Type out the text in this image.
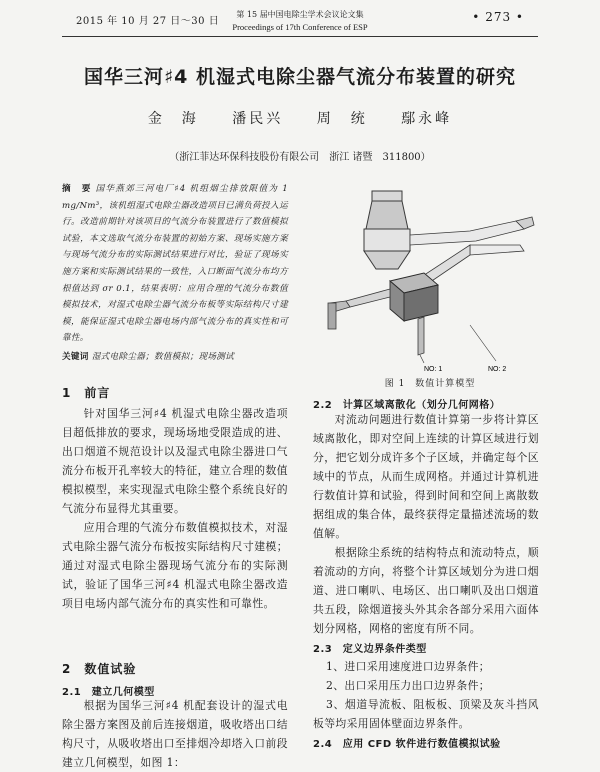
2015 年 10 月 27 日～30 日
第 15 届中国电除尘学术会议论文集
Proceedings of 17th Conference of ESP
• 273 •
国华三河♯4 机湿式电除尘器气流分布装置的研究
金　海 潘民兴 周　统 鄢永峰
（浙江菲达环保科技股份有限公司　浙江 诸暨　311800）
摘　要 国华燕郊三河电厂♯4 机组烟尘排放限值为 1 mg/Nm³，该机组湿式电除尘器改造项目已满负荷投入运行。改造前期针对该项目的气流分布装置进行了数值模拟试验，本文选取气流分布装置的初始方案、现场实施方案与现场气流分布的实际测试结果进行对比，验证了现场实施方案和实际测试结果的一致性，入口断面气流分布均方根值达到 σr 0.1，结果表明：应用合理的气流分布数值模拟技术，对湿式电除尘器气流分布板等实际结构尺寸建模，能保证湿式电除尘器电场内部气流分布的真实性和可靠性。
关键词 湿式电除尘器；数值模拟；现场测试
NO: 1	NO: 2
图 1　数值计算模型
1　前言

针对国华三河♯4 机湿式电除尘器改造项目超低排放的要求，现场场地受限造成的进、出口烟道不规范设计以及湿式电除尘器进口气流分布板开孔率较大的特征，建立合理的数值模拟模型，来实现湿式电除尘整个系统良好的气流分布显得尤其重要。

应用合理的气流分布数值模拟技术，对湿式电除尘器气流分布板按实际结构尺寸建模；通过对湿式电除尘器现场气流分布的实际测试，验证了国华三河♯4 机湿式电除尘器改造项目电场内部气流分布的真实性和可靠性。

2　数值试验
2.1　建立几何模型

根据为国华三河♯4 机配套设计的湿式电除尘器方案图及前后连接烟道，吸收塔出口结构尺寸，从吸收塔出口至排烟冷却塔入口前段建立几何模型，如图 1：

2.2　计算区域离散化（划分几何网格）

对流动问题进行数值计算第一步将计算区域离散化，即对空间上连续的计算区域进行划分，把它划分成许多个子区域，并确定每个区域中的节点，从而生成网格。并通过计算机进行数值计算和试验，得到时间和空间上离散数据组成的集合体，最终获得定量描述流场的数值解。

根据除尘系统的结构特点和流动特点，顺着流动的方向，将整个计算区域划分为进口烟道、进口喇叭、电场区、出口喇叭及出口烟道共五段，除烟道接头外其余各部分采用六面体划分网格，网格的密度有所不同。

2.3　定义边界条件类型

1、进口采用速度进口边界条件；

2、出口采用压力出口边界条件；

3、烟道导流板、阻板板、顶梁及灰斗挡风板等均采用固体壁面边界条件。

2.4　应用 CFD 软件进行数值模拟试验
